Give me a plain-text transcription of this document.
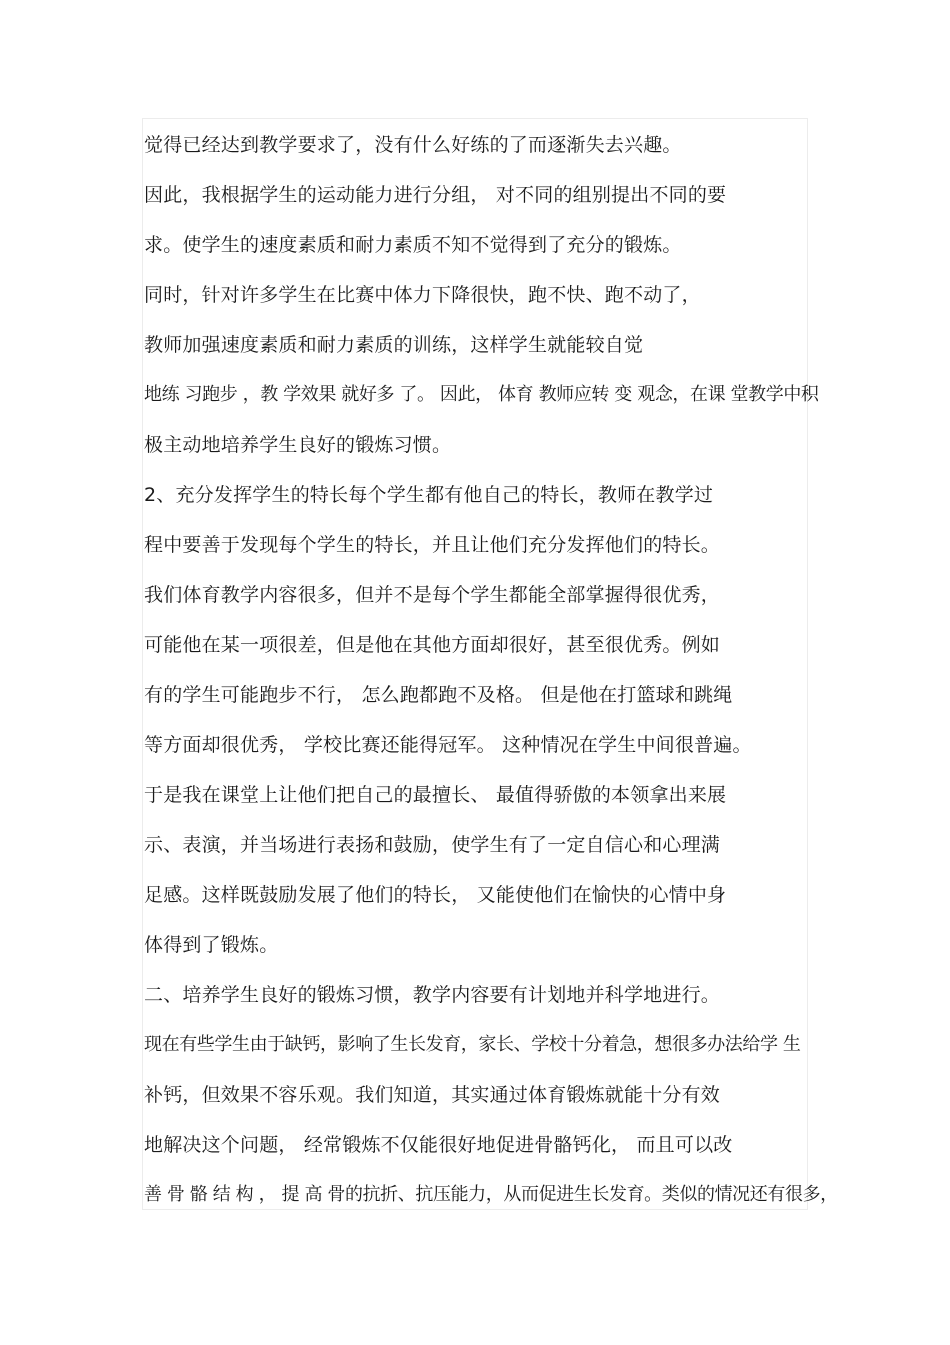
觉得已经达到教学要求了，没有什么好练的了而逐渐失去兴趣。
因此，我根据学生的运动能力进行分组， 对不同的组别提出不同的要
求。使学生的速度素质和耐力素质不知不觉得到了充分的锻炼。
同时，针对许多学生在比赛中体力下降很快，跑不快、跑不动了，
教师加强速度素质和耐力素质的训练，这样学生就能较自觉
地练 习跑步 ，教 学效果 就好多 了。 因此， 体育 教师应转 变 观念，在课 堂教学中积
极主动地培养学生良好的锻炼习惯。
2、充分发挥学生的特长每个学生都有他自己的特长，教师在教学过
程中要善于发现每个学生的特长，并且让他们充分发挥他们的特长。
我们体育教学内容很多，但并不是每个学生都能全部掌握得很优秀，
可能他在某一项很差，但是他在其他方面却很好，甚至很优秀。例如
有的学生可能跑步不行， 怎么跑都跑不及格。 但是他在打篮球和跳绳
等方面却很优秀， 学校比赛还能得冠军。 这种情况在学生中间很普遍。
于是我在课堂上让他们把自己的最擅长、 最值得骄傲的本领拿出来展
示、表演，并当场进行表扬和鼓励，使学生有了一定自信心和心理满
足感。这样既鼓励发展了他们的特长， 又能使他们在愉快的心情中身
体得到了锻炼。
二、培养学生良好的锻炼习惯，教学内容要有计划地并科学地进行。
现在有些学生由于缺钙，影响了生长发育，家长、学校十分着急，想很多办法给学 生
补钙，但效果不容乐观。我们知道，其实通过体育锻炼就能十分有效
地解决这个问题， 经常锻炼不仅能很好地促进骨骼钙化， 而且可以改
善 骨 骼 结 构 ， 提 高 骨的抗折、抗压能力，从而促进生长发育。类似的情况还有很多，
